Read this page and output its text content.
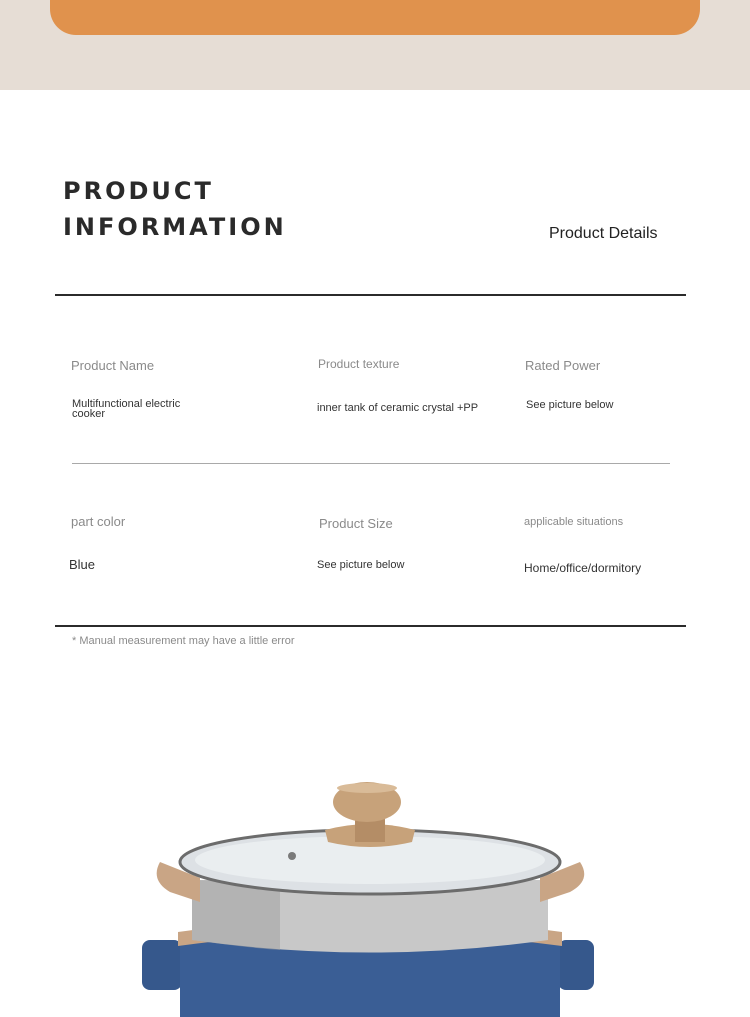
PRODUCT
INFORMATION	Product Details
Product Name
Multifunctional electric
cooker
Product texture
inner tank of ceramic crystal +PP
Rated Power
See picture below
part color
Blue
Product Size
See picture below
applicable situations
Home/office/dormitory
* Manual measurement may have a little error
